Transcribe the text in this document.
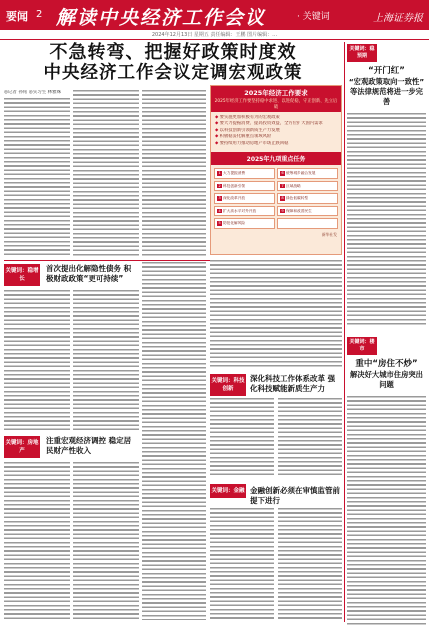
要闻 2 解读中央经济工作会议	· 关键词	上海证券报
2024年12月13日 星期五 责任编辑：王鹏 图片编辑：…
不急转弯、把握好政策时度效
中央经济工作会议定调宏观政策
◎记者 孙铭 ◎实习生 林雅姝	2025年经济工作要求
2025年经济工作要坚持稳中求进、以进促稳，守正创新、先立后破
◆ 要实施更加积极有为的宏观政策
◆ 要大力提振消费、提高投资效益，全方位扩大国内需求
◆ 以科技创新引领新质生产力发展
◆ 积极稳妥化解重点领域风险
◆ 要持续用力推动房地产市场止跌回稳
2025年九项重点任务
1 大力提振消费	6 统筹城乡融合发展
2 科技创新引领	7 区域战略
3 深化改革开放	8 绿色低碳转型
4 扩大高水平对外开放	9 保障和改善民生
5 防范化解风险
新华社发
关键词：稳增长
首次提出化解隐性债务 积极财政政策“更可持续”
关键词：房地产
注重宏观经济调控 稳定居民财产性收入
关键词：科技创新
深化科技工作体系改革 强化科技赋能新质生产力
关键词：金融 金融创新必须在审慎监管前提下进行
关键词：稳预期
“开门红”
“宏观政策取向一致性”
等法律规范将进一步完善
关键词：楼市
重中“房住不炒”
解决好大城市住房突出问题
